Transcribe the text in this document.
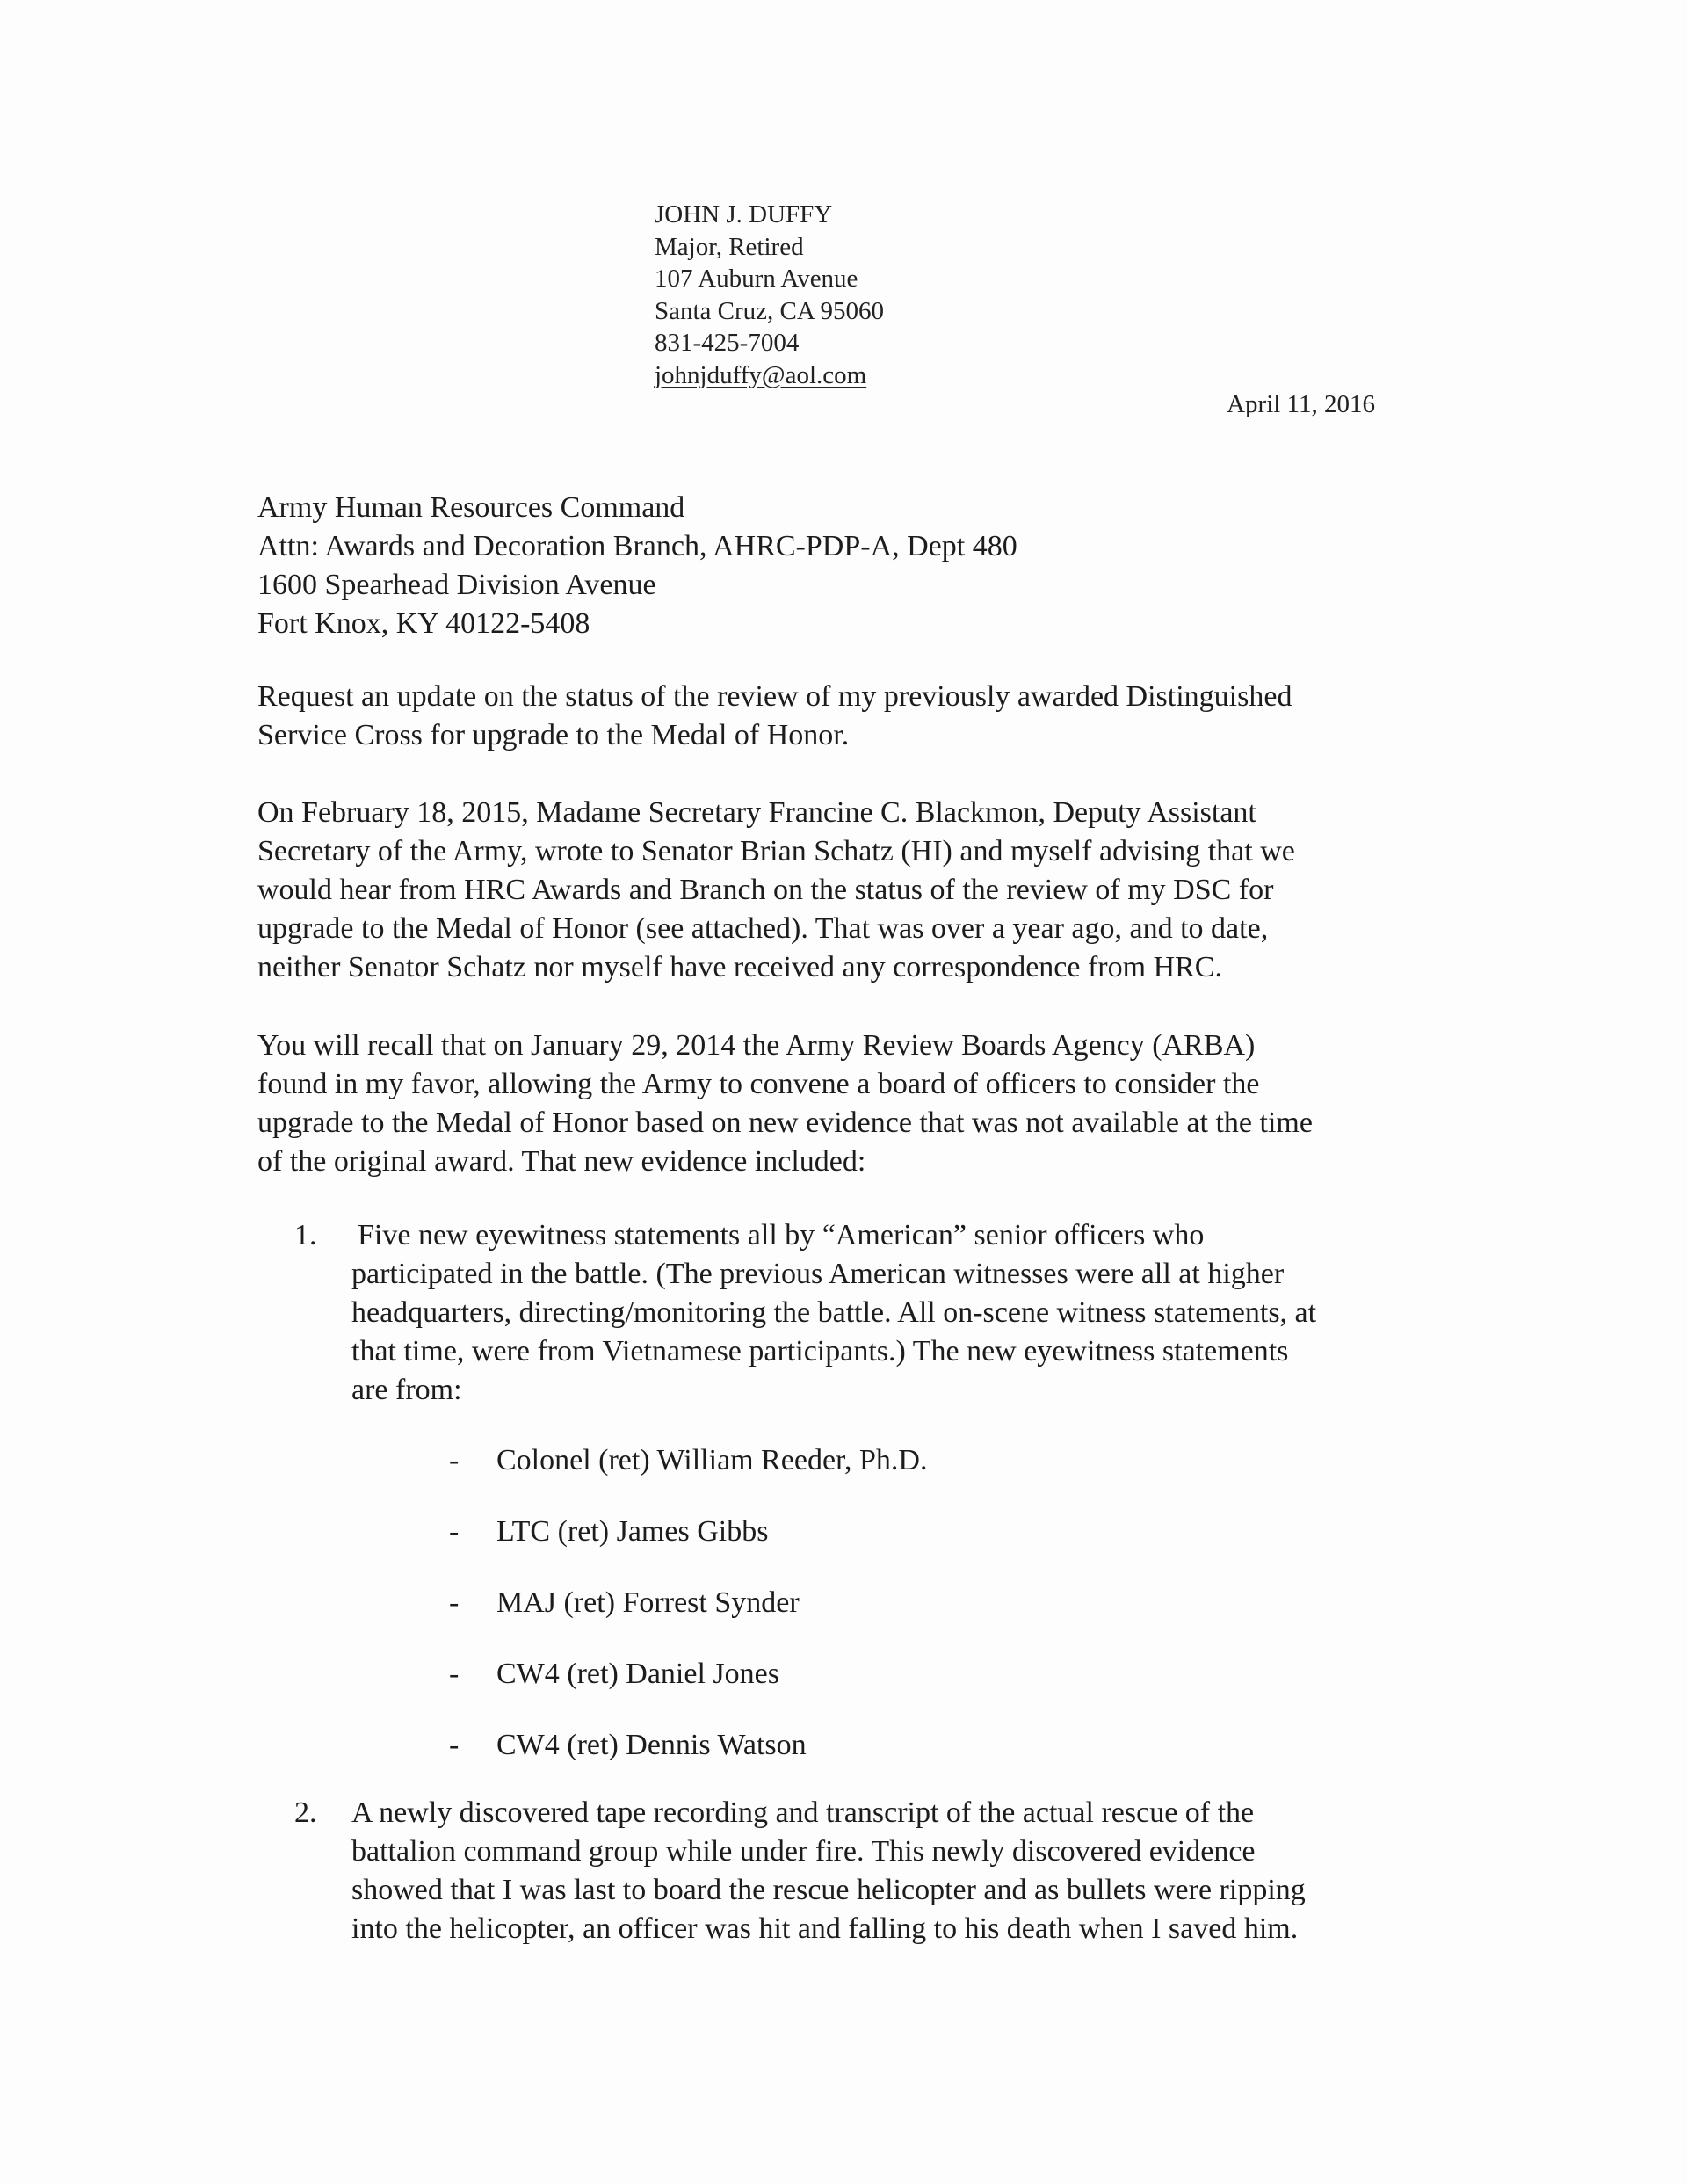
JOHN J. DUFFY
Major, Retired
107 Auburn Avenue
Santa Cruz, CA 95060
831-425-7004
johnjduffy@aol.com
April 11, 2016
Army Human Resources Command
Attn: Awards and Decoration Branch, AHRC-PDP-A, Dept 480
1600 Spearhead Division Avenue
Fort Knox, KY 40122-5408
Request an update on the status of the review of my previously awarded Distinguished
Service Cross for upgrade to the Medal of Honor.
On February 18, 2015, Madame Secretary Francine C. Blackmon, Deputy Assistant
Secretary of the Army, wrote to Senator Brian Schatz (HI) and myself advising that we
would hear from HRC Awards and Branch on the status of the review of my DSC for
upgrade to the Medal of Honor (see attached). That was over a year ago, and to date,
neither Senator Schatz nor myself have received any correspondence from HRC.
You will recall that on January 29, 2014 the Army Review Boards Agency (ARBA)
found in my favor, allowing the Army to convene a board of officers to consider the
upgrade to the Medal of Honor based on new evidence that was not available at the time
of the original award. That new evidence included:
1. Five new eyewitness statements all by “American” senior officers who
participated in the battle. (The previous American witnesses were all at higher
headquarters, directing/monitoring the battle. All on-scene witness statements, at
that time, were from Vietnamese participants.) The new eyewitness statements
are from:
- Colonel (ret) William Reeder, Ph.D.
- LTC (ret) James Gibbs
- MAJ (ret) Forrest Synder
- CW4 (ret) Daniel Jones
- CW4 (ret) Dennis Watson
2. A newly discovered tape recording and transcript of the actual rescue of the
battalion command group while under fire. This newly discovered evidence
showed that I was last to board the rescue helicopter and as bullets were ripping
into the helicopter, an officer was hit and falling to his death when I saved him.
